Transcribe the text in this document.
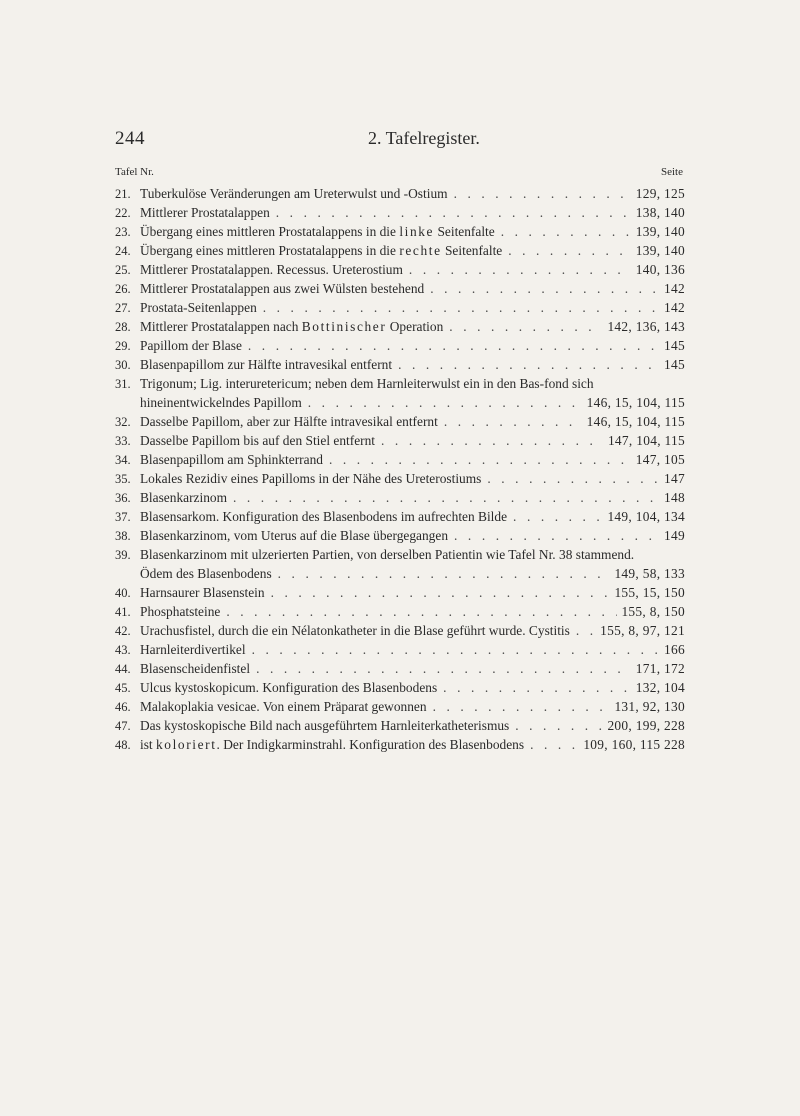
244	2. Tafelregister.
Tafel Nr.	Seite
21. Tuberkulöse Veränderungen am Ureterwulst und -Ostium . . .	129, 125
22. Mittlerer Prostatalappen . . .	138, 140
23. Übergang eines mittleren Prostatalappens in die linke Seitenfalte . . .	139, 140
24. Übergang eines mittleren Prostatalappens in die rechte Seitenfalte . . .	139, 140
25. Mittlerer Prostatalappen. Recessus. Ureterostium . . .	140, 136
26. Mittlerer Prostatalappen aus zwei Wülsten bestehend . . .	142
27. Prostata-Seitenlappen . . .	142
28. Mittlerer Prostatalappen nach Bottinischer Operation . . .	142, 136, 143
29. Papillom der Blase . . .	145
30. Blasenpapillom zur Hälfte intravesikal entfernt . . .	145
31. Trigonum; Lig. interuretericum; neben dem Harnleiterwulst ein in den Bas-fond sich
hineinentwickelndes Papillom . . .	146, 15, 104, 115
32. Dasselbe Papillom, aber zur Hälfte intravesikal entfernt . . .	146, 15, 104, 115
33. Dasselbe Papillom bis auf den Stiel entfernt . . .	147, 104, 115
34. Blasenpapillom am Sphinkterrand . . .	147, 105
35. Lokales Rezidiv eines Papilloms in der Nähe des Ureterostiums . . .	147
36. Blasenkarzinom . . .	148
37. Blasensarkom. Konfiguration des Blasenbodens im aufrechten Bilde . . .	149, 104, 134
38. Blasenkarzinom, vom Uterus auf die Blase übergegangen . . .	149
39. Blasenkarzinom mit ulzerierten Partien, von derselben Patientin wie Tafel Nr. 38 stammend.
Ödem des Blasenbodens . . .	149, 58, 133
40. Harnsaurer Blasenstein . . .	155, 15, 150
41. Phosphatsteine . . .	155, 8, 150
42. Urachusfistel, durch die ein Nélatonkatheter in die Blase geführt wurde. Cystitis . . . 155, 8, 97, 121
43. Harnleiterdivertikel . . .	166
44. Blasenscheidenfistel . . .	171, 172
45. Ulcus kystoskopicum. Konfiguration des Blasenbodens . . .	132, 104
46. Malakoplakia vesicae. Von einem Präparat gewonnen . . .	131, 92, 130
47. Das kystoskopische Bild nach ausgeführtem Harnleiterkatheterismus . . .	200, 199, 228
48. ist koloriert. Der Indigkarminstrahl. Konfiguration des Blasenbodens . . .	109, 160, 115 228
